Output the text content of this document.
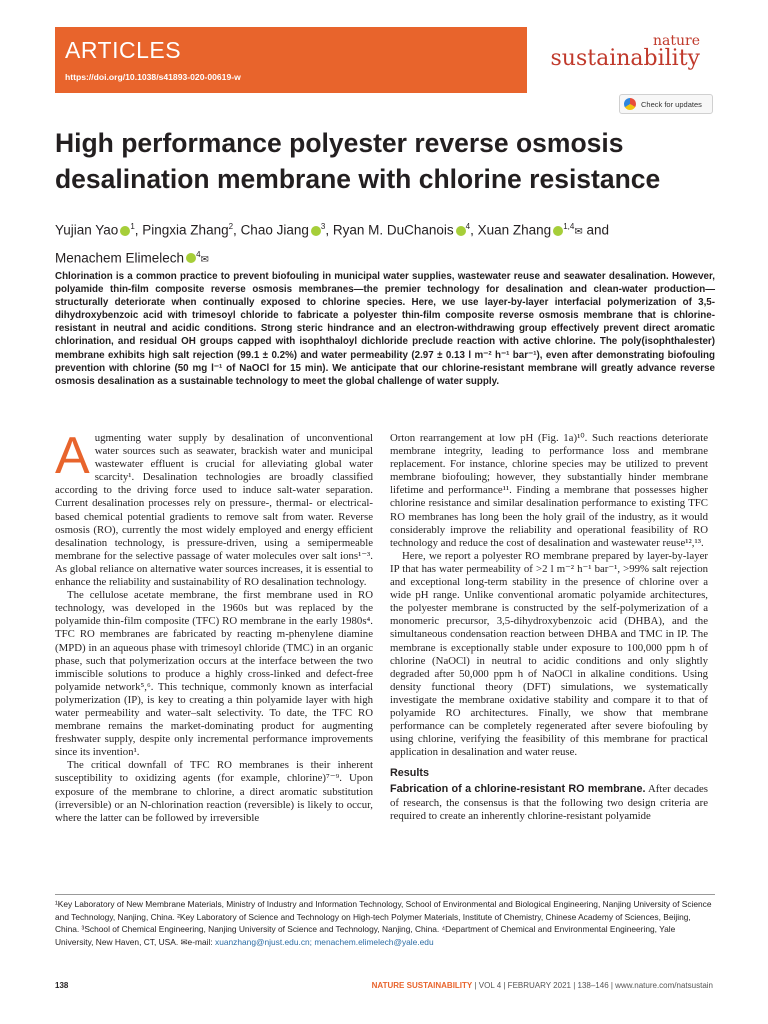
ARTICLES
https://doi.org/10.1038/s41893-020-00619-w
nature
sustainability
Check for updates
High performance polyester reverse osmosis desalination membrane with chlorine resistance
Yujian Yao $^1$, Pingxia Zhang$^2$, Chao Jiang $^3$, Ryan M. DuChanois $^4$, Xuan Zhang $^{1,4}$✉ and
Menachem Elimelech $^4$✉

Chlorination is a common practice to prevent biofouling in municipal water supplies, wastewater reuse and seawater desalination. However, polyamide thin-film composite reverse osmosis membranes—the premier technology for desalination and clean-water production—structurally deteriorate when continually exposed to chlorine species. Here, we use layer-by-layer interfacial polymerization of 3,5-dihydroxybenzoic acid with trimesoyl chloride to fabricate a polyester thin-film composite reverse osmosis membrane that is chlorine-resistant in neutral and acidic conditions. Strong steric hindrance and an electron-withdrawing group effectively prevent direct aromatic chlorination, and residual OH groups capped with isophthaloyl dichloride preclude reaction with active chlorine. The poly(isophthalester) membrane exhibits high salt rejection (99.1 ± 0.2%) and water permeability (2.97 ± 0.13 l m⁻² h⁻¹ bar⁻¹), even after demonstrating biofouling prevention with chlorine (50 mg l⁻¹ of NaOCl for 15 min). We anticipate that our chlorine-resistant membrane will greatly advance reverse osmosis desalination as a sustainable technology to meet the global challenge of water supply.

Augmenting water supply by desalination of unconventional water sources such as seawater, brackish water and municipal wastewater effluent is crucial for alleviating global water scarcity¹. Desalination technologies are broadly classified according to the driving force used to induce salt-water separation. Current desalination processes rely on pressure-, thermal- or electrical-based chemical potential gradients to remove salt from water. Reverse osmosis (RO), currently the most widely employed and energy efficient desalination technology, is pressure-driven, using a semipermeable membrane for the selective passage of water molecules over salt ions¹⁻³. As global reliance on alternative water sources increases, it is essential to enhance the reliability and sustainability of RO desalination technology.

The cellulose acetate membrane, the first membrane used in RO technology, was developed in the 1960s but was replaced by the polyamide thin-film composite (TFC) RO membrane in the early 1980s⁴. TFC RO membranes are fabricated by reacting m-phenylene diamine (MPD) in an aqueous phase with trimesoyl chloride (TMC) in an organic phase, such that polymerization occurs at the interface between the two immiscible solutions to produce a highly cross-linked and defect-free polyamide network⁵,⁶. This technique, commonly known as interfacial polymerization (IP), is key to creating a thin polyamide layer with high water permeability and water–salt selectivity. To date, the TFC RO membrane remains the market-dominating product for augmenting freshwater supply, despite only incremental performance improvements since its invention¹.

The critical downfall of TFC RO membranes is their inherent susceptibility to oxidizing agents (for example, chlorine)⁷⁻⁹. Upon exposure of the membrane to chlorine, a direct aromatic substitution (irreversible) or an N-chlorination reaction (reversible) is likely to occur, where the latter can be followed by irreversible

Orton rearrangement at low pH (Fig. 1a)¹⁰. Such reactions deteriorate membrane integrity, leading to performance loss and membrane replacement. For instance, chlorine species may be utilized to prevent membrane biofouling; however, they substantially hinder membrane lifetime and performance¹¹. Finding a membrane that possesses higher chlorine resistance and similar desalination performance to existing TFC RO membranes has long been the holy grail of the industry, as it would considerably improve the reliability and operational feasibility of RO technology and reduce the cost of desalination and wastewater reuse¹²,¹³.

Here, we report a polyester RO membrane prepared by layer-by-layer IP that has water permeability of >2 l m⁻² h⁻¹ bar⁻¹, >99% salt rejection and exceptional long-term stability in the presence of chlorine over a wide pH range. Unlike conventional aromatic polyamide architectures, the polyester membrane is constructed by the self-polymerization of a monomeric precursor, 3,5-dihydroxybenzoic acid (DHBA), and the simultaneous condensation reaction between DHBA and TMC in IP. The membrane is exceptionally stable under exposure to 100,000 ppm h of chlorine (NaOCl) in neutral to acidic conditions and only slightly degraded after 50,000 ppm h of NaOCl in alkaline conditions. Using density functional theory (DFT) simulations, we systematically investigate the membrane oxidative stability and compare it to that of polyamide RO architectures. Finally, we show that membrane performance can be completely regenerated after severe biofouling by using chlorine, verifying the feasibility of this membrane for practical application in desalination and water reuse.

Results

Fabrication of a chlorine-resistant RO membrane. After decades of research, the consensus is that the following two design criteria are required to create an inherently chlorine-resistant polyamide

¹Key Laboratory of New Membrane Materials, Ministry of Industry and Information Technology, School of Environmental and Biological Engineering, Nanjing University of Science and Technology, Nanjing, China. ²Key Laboratory of Science and Technology on High-tech Polymer Materials, Institute of Chemistry, Chinese Academy of Sciences, Beijing, China. ³School of Chemical Engineering, Nanjing University of Science and Technology, Nanjing, China. ⁴Department of Chemical and Environmental Engineering, Yale University, New Haven, CT, USA. ✉e-mail: xuanzhang@njust.edu.cn; menachem.elimelech@yale.edu
138	NATURE SUSTAINABILITY | VOL 4 | FEBRUARY 2021 | 138–146 | www.nature.com/natsustain
